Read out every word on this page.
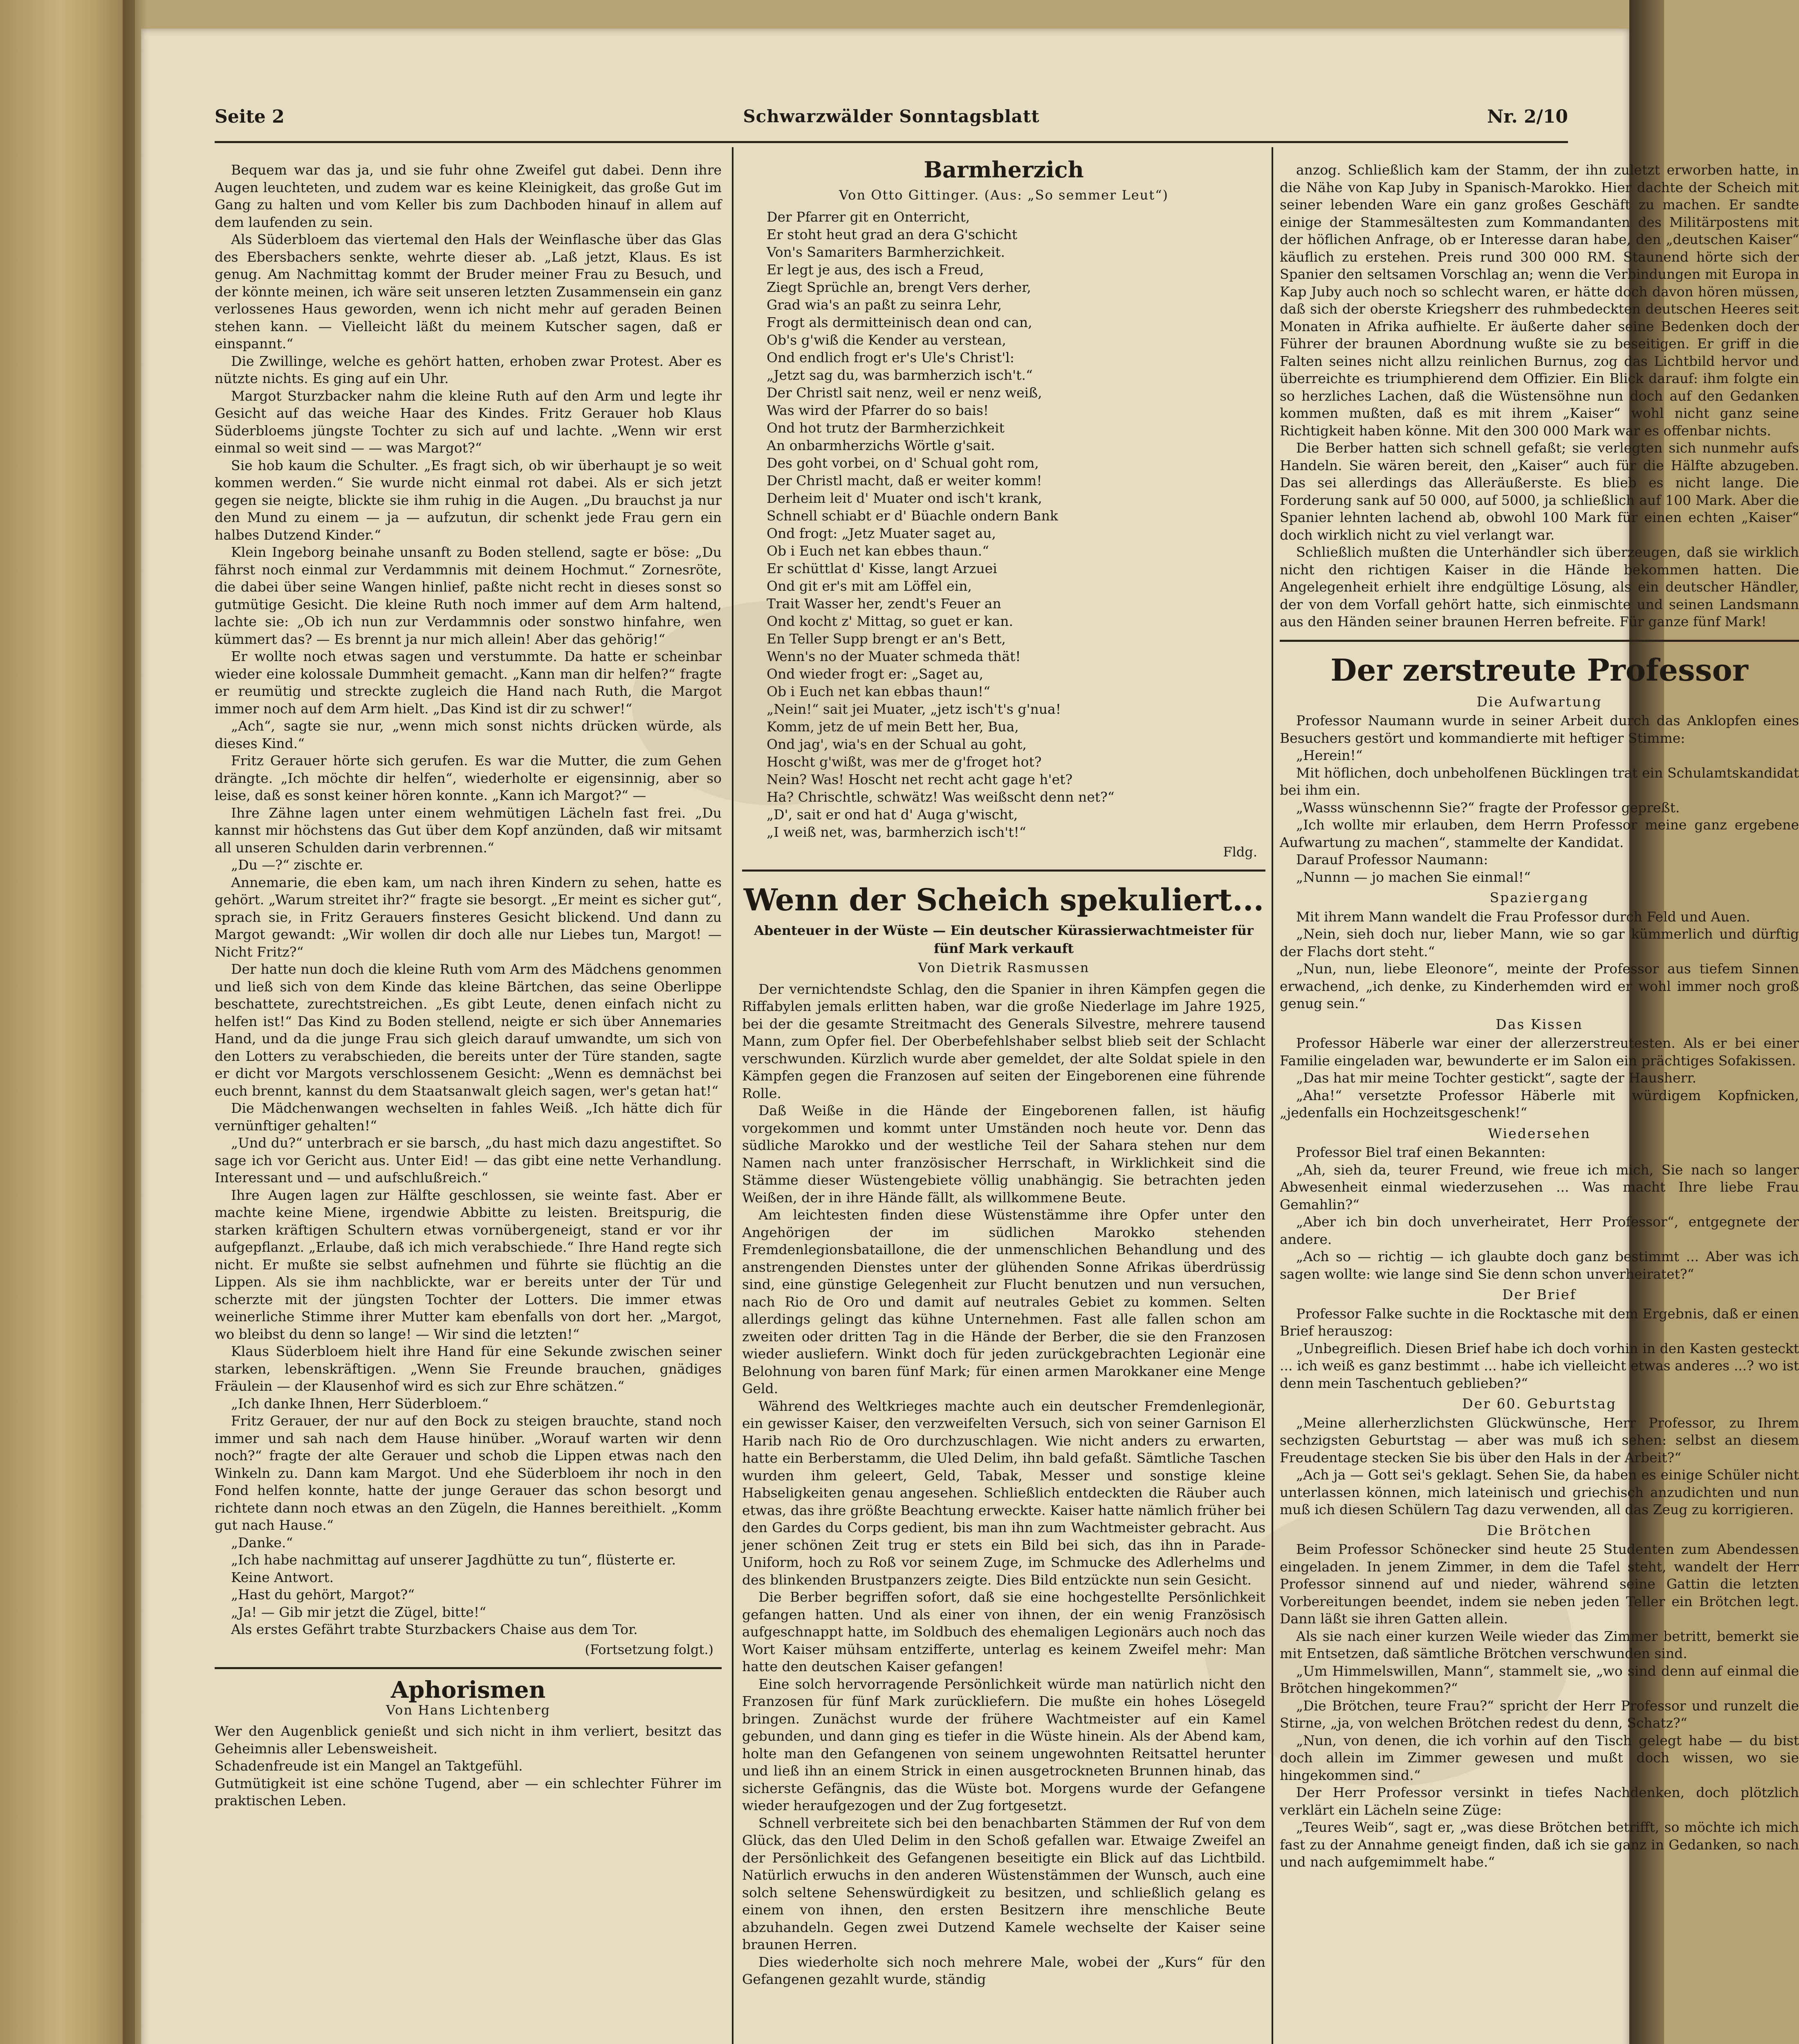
Seite 2	Schwarzwälder Sonntagsblatt	Nr. 2/10

Bequem war das ja, und sie fuhr ohne Zweifel gut dabei. Denn ihre Augen leuchteten, und zudem war es keine Kleinigkeit, das große Gut im Gang zu halten und vom Keller bis zum Dachboden hinauf in allem auf dem laufenden zu sein.

Als Süderbloem das viertemal den Hals der Weinflasche über das Glas des Ebersbachers senkte, wehrte dieser ab. „Laß jetzt, Klaus. Es ist genug. Am Nachmittag kommt der Bruder meiner Frau zu Besuch, und der könnte meinen, ich wäre seit unseren letzten Zusammensein ein ganz verlossenes Haus geworden, wenn ich nicht mehr auf geraden Beinen stehen kann. — Vielleicht läßt du meinem Kutscher sagen, daß er einspannt.“

Die Zwillinge, welche es gehört hatten, erhoben zwar Protest. Aber es nützte nichts. Es ging auf ein Uhr.

Margot Sturzbacker nahm die kleine Ruth auf den Arm und legte ihr Gesicht auf das weiche Haar des Kindes. Fritz Gerauer hob Klaus Süderbloems jüngste Tochter zu sich auf und lachte. „Wenn wir erst einmal so weit sind — — was Margot?“

Sie hob kaum die Schulter. „Es fragt sich, ob wir überhaupt je so weit kommen werden.“ Sie wurde nicht einmal rot dabei. Als er sich jetzt gegen sie neigte, blickte sie ihm ruhig in die Augen. „Du brauchst ja nur den Mund zu einem — ja — aufzutun, dir schenkt jede Frau gern ein halbes Dutzend Kinder.“

Klein Ingeborg beinahe unsanft zu Boden stellend, sagte er böse: „Du fährst noch einmal zur Verdammnis mit deinem Hochmut.“ Zornesröte, die dabei über seine Wangen hinlief, paßte nicht recht in dieses sonst so gutmütige Gesicht. Die kleine Ruth noch immer auf dem Arm haltend, lachte sie: „Ob ich nun zur Verdammnis oder sonstwo hinfahre, wen kümmert das? — Es brennt ja nur mich allein! Aber das gehörig!“

Er wollte noch etwas sagen und verstummte. Da hatte er scheinbar wieder eine kolossale Dummheit gemacht. „Kann man dir helfen?“ fragte er reumütig und streckte zugleich die Hand nach Ruth, die Margot immer noch auf dem Arm hielt. „Das Kind ist dir zu schwer!“

„Ach“, sagte sie nur, „wenn mich sonst nichts drücken würde, als dieses Kind.“

Fritz Gerauer hörte sich gerufen. Es war die Mutter, die zum Gehen drängte. „Ich möchte dir helfen“, wiederholte er eigensinnig, aber so leise, daß es sonst keiner hören konnte. „Kann ich Margot?“ —

Ihre Zähne lagen unter einem wehmütigen Lächeln fast frei. „Du kannst mir höchstens das Gut über dem Kopf anzünden, daß wir mitsamt all unseren Schulden darin verbrennen.“

„Du —?“ zischte er.

Annemarie, die eben kam, um nach ihren Kindern zu sehen, hatte es gehört. „Warum streitet ihr?“ fragte sie besorgt. „Er meint es sicher gut“, sprach sie, in Fritz Gerauers finsteres Gesicht blickend. Und dann zu Margot gewandt: „Wir wollen dir doch alle nur Liebes tun, Margot! — Nicht Fritz?“

Der hatte nun doch die kleine Ruth vom Arm des Mädchens genommen und ließ sich von dem Kinde das kleine Bärtchen, das seine Oberlippe beschattete, zurechtstreichen. „Es gibt Leute, denen einfach nicht zu helfen ist!“ Das Kind zu Boden stellend, neigte er sich über Annemaries Hand, und da die junge Frau sich gleich darauf umwandte, um sich von den Lotters zu verabschieden, die bereits unter der Türe standen, sagte er dicht vor Margots verschlossenem Gesicht: „Wenn es demnächst bei euch brennt, kannst du dem Staatsanwalt gleich sagen, wer's getan hat!“

Die Mädchenwangen wechselten in fahles Weiß. „Ich hätte dich für vernünftiger gehalten!“

„Und du?“ unterbrach er sie barsch, „du hast mich dazu angestiftet. So sage ich vor Gericht aus. Unter Eid! — das gibt eine nette Verhandlung. Interessant und — und aufschlußreich.“

Ihre Augen lagen zur Hälfte geschlossen, sie weinte fast. Aber er machte keine Miene, irgendwie Abbitte zu leisten. Breitspurig, die starken kräftigen Schultern etwas vornübergeneigt, stand er vor ihr aufgepflanzt. „Erlaube, daß ich mich verabschiede.“ Ihre Hand regte sich nicht. Er mußte sie selbst aufnehmen und führte sie flüchtig an die Lippen. Als sie ihm nachblickte, war er bereits unter der Tür und scherzte mit der jüngsten Tochter der Lotters. Die immer etwas weinerliche Stimme ihrer Mutter kam ebenfalls von dort her. „Margot, wo bleibst du denn so lange! — Wir sind die letzten!“

Klaus Süderbloem hielt ihre Hand für eine Sekunde zwischen seiner starken, lebenskräftigen. „Wenn Sie Freunde brauchen, gnädiges Fräulein — der Klausenhof wird es sich zur Ehre schätzen.“

„Ich danke Ihnen, Herr Süderbloem.“

Fritz Gerauer, der nur auf den Bock zu steigen brauchte, stand noch immer und sah nach dem Hause hinüber. „Worauf warten wir denn noch?“ fragte der alte Gerauer und schob die Lippen etwas nach den Winkeln zu. Dann kam Margot. Und ehe Süderbloem ihr noch in den Fond helfen konnte, hatte der junge Gerauer das schon besorgt und richtete dann noch etwas an den Zügeln, die Hannes bereithielt. „Komm gut nach Hause.“

„Danke.“

„Ich habe nachmittag auf unserer Jagdhütte zu tun“, flüsterte er.

Keine Antwort.

„Hast du gehört, Margot?“

„Ja! — Gib mir jetzt die Zügel, bitte!“

Als erstes Gefährt trabte Sturzbackers Chaise aus dem Tor.

(Fortsetzung folgt.)
Aphorismen
Von Hans Lichtenberg

Wer den Augenblick genießt und sich nicht in ihm verliert, besitzt das Geheimnis aller Lebensweisheit.

Schadenfreude ist ein Mangel an Taktgefühl.

Gutmütigkeit ist eine schöne Tugend, aber — ein schlechter Führer im praktischen Leben.

Barmherzich
Von Otto Gittinger. (Aus: „So semmer Leut“)
Der Pfarrer git en Onterricht,
Er stoht heut grad an dera G'schicht
Von's Samariters Barmherzichkeit.
Er legt je aus, des isch a Freud,
Ziegt Sprüchle an, brengt Vers derher,
Grad wia's an paßt zu seinra Lehr,
Frogt als dermitteinisch dean ond can,
Ob's g'wiß die Kender au verstean,
Ond endlich frogt er's Ule's Christ'l:
„Jetzt sag du, was barmherzich isch't.“
Der Christl sait nenz, weil er nenz weiß,
Was wird der Pfarrer do so bais!
Ond hot trutz der Barmherzichkeit
An onbarmherzichs Wörtle g'sait.
Des goht vorbei, on d' Schual goht rom,
Der Christl macht, daß er weiter komm!
Derheim leit d' Muater ond isch't krank,
Schnell schiabt er d' Büachle ondern Bank
Ond frogt: „Jetz Muater saget au,
Ob i Euch net kan ebbes thaun.“
Er schüttlat d' Kisse, langt Arzuei
Ond git er's mit am Löffel ein,
Trait Wasser her, zendt's Feuer an
Ond kocht z' Mittag, so guet er kan.
En Teller Supp brengt er an's Bett,
Wenn's no der Muater schmeda thät!
Ond wieder frogt er: „Saget au,
Ob i Euch net kan ebbas thaun!“
„Nein!“ sait jei Muater, „jetz isch't's g'nua!
Komm, jetz de uf mein Bett her, Bua,
Ond jag', wia's en der Schual au goht,
Hoscht g'wißt, was mer de g'froget hot?
Nein? Was! Hoscht net recht acht gage h'et?
Ha? Chrischtle, schwätz! Was weißscht denn net?“
„D', sait er ond hat d' Auga g'wischt,
„I weiß net, was, barmherzich isch't!“
Fldg.
Wenn der Scheich spekuliert...
Abenteuer in der Wüste — Ein deutscher Kürassierwachtmeister für fünf Mark verkauft
Von Dietrik Rasmussen

Der vernichtendste Schlag, den die Spanier in ihren Kämpfen gegen die Riffabylen jemals erlitten haben, war die große Niederlage im Jahre 1925, bei der die gesamte Streitmacht des Generals Silvestre, mehrere tausend Mann, zum Opfer fiel. Der Oberbefehlshaber selbst blieb seit der Schlacht verschwunden. Kürzlich wurde aber gemeldet, der alte Soldat spiele in den Kämpfen gegen die Franzosen auf seiten der Eingeborenen eine führende Rolle.

Daß Weiße in die Hände der Eingeborenen fallen, ist häufig vorgekommen und kommt unter Umständen noch heute vor. Denn das südliche Marokko und der westliche Teil der Sahara stehen nur dem Namen nach unter französischer Herrschaft, in Wirklichkeit sind die Stämme dieser Wüstengebiete völlig unabhängig. Sie betrachten jeden Weißen, der in ihre Hände fällt, als willkommene Beute.

Am leichtesten finden diese Wüstenstämme ihre Opfer unter den Angehörigen der im südlichen Marokko stehenden Fremdenlegionsbataillone, die der unmenschlichen Behandlung und des anstrengenden Dienstes unter der glühenden Sonne Afrikas überdrüssig sind, eine günstige Gelegenheit zur Flucht benutzen und nun versuchen, nach Rio de Oro und damit auf neutrales Gebiet zu kommen. Selten allerdings gelingt das kühne Unternehmen. Fast alle fallen schon am zweiten oder dritten Tag in die Hände der Berber, die sie den Franzosen wieder ausliefern. Winkt doch für jeden zurückgebrachten Legionär eine Belohnung von baren fünf Mark; für einen armen Marokkaner eine Menge Geld.

Während des Weltkrieges machte auch ein deutscher Fremdenlegionär, ein gewisser Kaiser, den verzweifelten Versuch, sich von seiner Garnison El Harib nach Rio de Oro durchzuschlagen. Wie nicht anders zu erwarten, hatte ein Berberstamm, die Uled Delim, ihn bald gefaßt. Sämtliche Taschen wurden ihm geleert, Geld, Tabak, Messer und sonstige kleine Habseligkeiten genau angesehen. Schließlich entdeckten die Räuber auch etwas, das ihre größte Beachtung erweckte. Kaiser hatte nämlich früher bei den Gardes du Corps gedient, bis man ihn zum Wachtmeister gebracht. Aus jener schönen Zeit trug er stets ein Bild bei sich, das ihn in Parade-Uniform, hoch zu Roß vor seinem Zuge, im Schmucke des Adlerhelms und des blinkenden Brustpanzers zeigte. Dies Bild entzückte nun sein Gesicht.

Die Berber begriffen sofort, daß sie eine hochgestellte Persönlichkeit gefangen hatten. Und als einer von ihnen, der ein wenig Französisch aufgeschnappt hatte, im Soldbuch des ehemaligen Legionärs auch noch das Wort Kaiser mühsam entzifferte, unterlag es keinem Zweifel mehr: Man hatte den deutschen Kaiser gefangen!

Eine solch hervorragende Persönlichkeit würde man natürlich nicht den Franzosen für fünf Mark zurückliefern. Die mußte ein hohes Lösegeld bringen. Zunächst wurde der frühere Wachtmeister auf ein Kamel gebunden, und dann ging es tiefer in die Wüste hinein. Als der Abend kam, holte man den Gefangenen von seinem ungewohnten Reitsattel herunter und ließ ihn an einem Strick in einen ausgetrockneten Brunnen hinab, das sicherste Gefängnis, das die Wüste bot. Morgens wurde der Gefangene wieder heraufgezogen und der Zug fortgesetzt.

Schnell verbreitete sich bei den benachbarten Stämmen der Ruf von dem Glück, das den Uled Delim in den Schoß gefallen war. Etwaige Zweifel an der Persönlichkeit des Gefangenen beseitigte ein Blick auf das Lichtbild. Natürlich erwuchs in den anderen Wüstenstämmen der Wunsch, auch eine solch seltene Sehenswürdigkeit zu besitzen, und schließlich gelang es einem von ihnen, den ersten Besitzern ihre menschliche Beute abzuhandeln. Gegen zwei Dutzend Kamele wechselte der Kaiser seine braunen Herren.

Dies wiederholte sich noch mehrere Male, wobei der „Kurs“ für den Gefangenen gezahlt wurde, ständig

anzog. Schließlich kam der Stamm, der ihn zuletzt erworben hatte, in die Nähe von Kap Juby in Spanisch-Marokko. Hier dachte der Scheich mit seiner lebenden Ware ein ganz großes Geschäft zu machen. Er sandte einige der Stammesältesten zum Kommandanten des Militärpostens mit der höflichen Anfrage, ob er Interesse daran habe, den „deutschen Kaiser“ käuflich zu erstehen. Preis rund 300 000 RM. Staunend hörte sich der Spanier den seltsamen Vorschlag an; wenn die Verbindungen mit Europa in Kap Juby auch noch so schlecht waren, er hätte doch davon hören müssen, daß sich der oberste Kriegsherr des ruhmbedeckten deutschen Heeres seit Monaten in Afrika aufhielte. Er äußerte daher seine Bedenken doch der Führer der braunen Abordnung wußte sie zu beseitigen. Er griff in die Falten seines nicht allzu reinlichen Burnus, zog das Lichtbild hervor und überreichte es triumphierend dem Offizier. Ein Blick darauf: ihm folgte ein so herzliches Lachen, daß die Wüstensöhne nun doch auf den Gedanken kommen mußten, daß es mit ihrem „Kaiser“ wohl nicht ganz seine Richtigkeit haben könne. Mit den 300 000 Mark war es offenbar nichts.

Die Berber hatten sich schnell gefaßt; sie verlegten sich nunmehr aufs Handeln. Sie wären bereit, den „Kaiser“ auch für die Hälfte abzugeben. Das sei allerdings das Alleräußerste. Es blieb es nicht lange. Die Forderung sank auf 50 000, auf 5000, ja schließlich auf 100 Mark. Aber die Spanier lehnten lachend ab, obwohl 100 Mark für einen echten „Kaiser“ doch wirklich nicht zu viel verlangt war.

Schließlich mußten die Unterhändler sich überzeugen, daß sie wirklich nicht den richtigen Kaiser in die Hände bekommen hatten. Die Angelegenheit erhielt ihre endgültige Lösung, als ein deutscher Händler, der von dem Vorfall gehört hatte, sich einmischte und seinen Landsmann aus den Händen seiner braunen Herren befreite. Für ganze fünf Mark!

Der zerstreute Professor
Die Aufwartung

Professor Naumann wurde in seiner Arbeit durch das Anklopfen eines Besuchers gestört und kommandierte mit heftiger Stimme:

„Herein!“

Mit höflichen, doch unbeholfenen Bücklingen trat ein Schulamtskandidat bei ihm ein.

„Wasss wünschennn Sie?“ fragte der Professor gepreßt.

„Ich wollte mir erlauben, dem Herrn Professor meine ganz ergebene Aufwartung zu machen“, stammelte der Kandidat.

Darauf Professor Naumann:

„Nunnn — jo machen Sie einmal!“

Spaziergang

Mit ihrem Mann wandelt die Frau Professor durch Feld und Auen.

„Nein, sieh doch nur, lieber Mann, wie so gar kümmerlich und dürftig der Flachs dort steht.“

„Nun, nun, liebe Eleonore“, meinte der Professor aus tiefem Sinnen erwachend, „ich denke, zu Kinderhemden wird er wohl immer noch groß genug sein.“

Das Kissen

Professor Häberle war einer der allerzerstreutesten. Als er bei einer Familie eingeladen war, bewunderte er im Salon ein prächtiges Sofakissen.

„Das hat mir meine Tochter gestickt“, sagte der Hausherr.

„Aha!“ versetzte Professor Häberle mit würdigem Kopfnicken, „jedenfalls ein Hochzeitsgeschenk!“

Wiedersehen

Professor Biel traf einen Bekannten:

„Ah, sieh da, teurer Freund, wie freue ich mich, Sie nach so langer Abwesenheit einmal wiederzusehen ... Was macht Ihre liebe Frau Gemahlin?“

„Aber ich bin doch unverheiratet, Herr Professor“, entgegnete der andere.

„Ach so — richtig — ich glaubte doch ganz bestimmt ... Aber was ich sagen wollte: wie lange sind Sie denn schon unverheiratet?“

Der Brief

Professor Falke suchte in die Rocktasche mit dem Ergebnis, daß er einen Brief herauszog:

„Unbegreiflich. Diesen Brief habe ich doch vorhin in den Kasten gesteckt ... ich weiß es ganz bestimmt ... habe ich vielleicht etwas anderes ...? wo ist denn mein Taschentuch geblieben?“

Der 60. Geburtstag

„Meine allerherzlichsten Glückwünsche, Herr Professor, zu Ihrem sechzigsten Geburtstag — aber was muß ich sehen: selbst an diesem Freudentage stecken Sie bis über den Hals in der Arbeit?“

„Ach ja — Gott sei's geklagt. Sehen Sie, da haben es einige Schüler nicht unterlassen können, mich lateinisch und griechisch anzudichten und nun muß ich diesen Schülern Tag dazu verwenden, all das Zeug zu korrigieren.

Die Brötchen

Beim Professor Schönecker sind heute 25 Studenten zum Abendessen eingeladen. In jenem Zimmer, in dem die Tafel steht, wandelt der Herr Professor sinnend auf und nieder, während seine Gattin die letzten Vorbereitungen beendet, indem sie neben jeden Teller ein Brötchen legt. Dann läßt sie ihren Gatten allein.

Als sie nach einer kurzen Weile wieder das Zimmer betritt, bemerkt sie mit Entsetzen, daß sämtliche Brötchen verschwunden sind.

„Um Himmelswillen, Mann“, stammelt sie, „wo sind denn auf einmal die Brötchen hingekommen?“

„Die Brötchen, teure Frau?“ spricht der Herr Professor und runzelt die Stirne, „ja, von welchen Brötchen redest du denn, Schatz?“

„Nun, von denen, die ich vorhin auf den Tisch gelegt habe — du bist doch allein im Zimmer gewesen und mußt doch wissen, wo sie hingekommen sind.“

Der Herr Professor versinkt in tiefes Nachdenken, doch plötzlich verklärt ein Lächeln seine Züge:

„Teures Weib“, sagt er, „was diese Brötchen betrifft, so möchte ich mich fast zu der Annahme geneigt finden, daß ich sie ganz in Gedanken, so nach und nach aufgemimmelt habe.“
